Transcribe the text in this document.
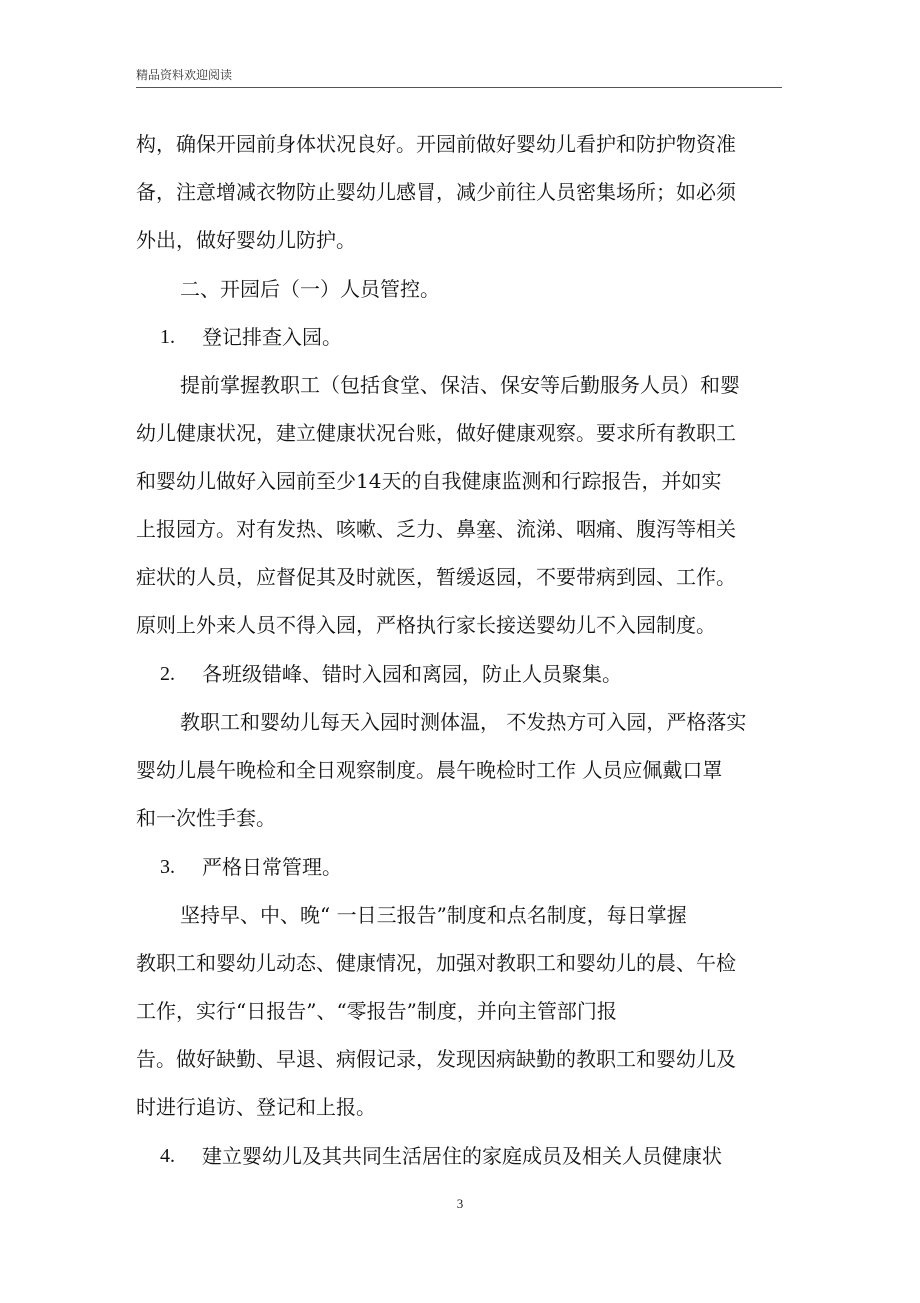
精品资料欢迎阅读
构，确保开园前身体状况良好。开园前做好婴幼儿看护和防护物资准
备，注意增减衣物防止婴幼儿感冒，减少前往人员密集场所；如必须
外出，做好婴幼儿防护。
二、开园后（一）人员管控。
1. 登记排查入园。
提前掌握教职工（包括食堂、保洁、保安等后勤服务人员）和婴
幼儿健康状况，建立健康状况台账，做好健康观察。要求所有教职工
和婴幼儿做好入园前至少14天的自我健康监测和行踪报告，并如实
上报园方。对有发热、咳嗽、乏力、鼻塞、流涕、咽痛、腹泻等相关
症状的人员，应督促其及时就医，暂缓返园，不要带病到园、工作。
原则上外来人员不得入园，严格执行家长接送婴幼儿不入园制度。
2. 各班级错峰、错时入园和离园，防止人员聚集。
教职工和婴幼儿每天入园时测体温， 不发热方可入园，严格落实
婴幼儿晨午晚检和全日观察制度。晨午晚检时工作 人员应佩戴口罩
和一次性手套。
3. 严格日常管理。
坚持早、中、晚“ 一日三报告”制度和点名制度，每日掌握
教职工和婴幼儿动态、健康情况，加强对教职工和婴幼儿的晨、午检
工作，实行“日报告”、“零报告”制度，并向主管部门报
告。做好缺勤、早退、病假记录，发现因病缺勤的教职工和婴幼儿及
时进行追访、登记和上报。
4. 建立婴幼儿及其共同生活居住的家庭成员及相关人员健康状
3
